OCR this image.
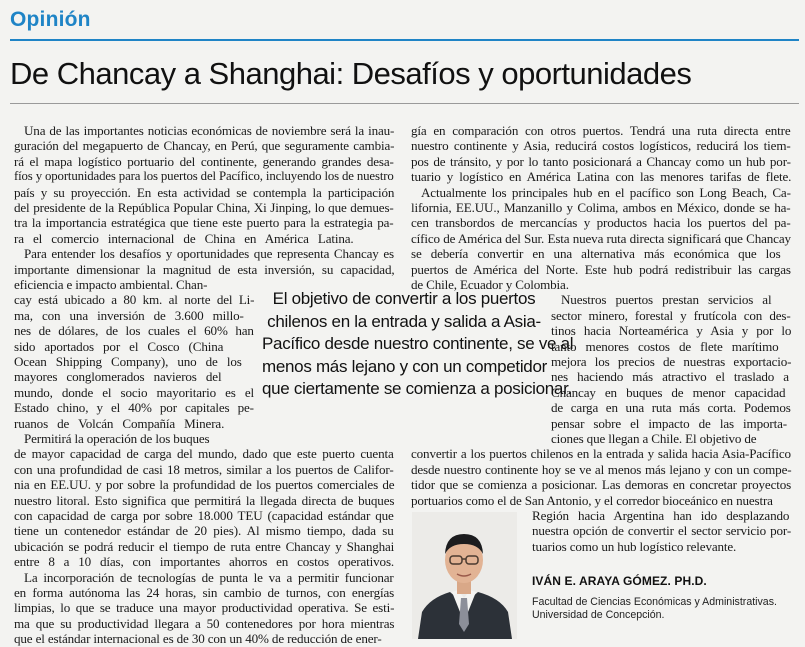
Opinión
De Chancay a Shanghai: Desafíos y oportunidades
Una de las importantes noticias económicas de noviembre será la inau-
guración del megapuerto de Chancay, en Perú, que seguramente cambia-
rá el mapa logístico portuario del continente, generando grandes desa-
fíos y oportunidades para los puertos del Pacífico, incluyendo los de nuestro
país y su proyección. En esta actividad se contempla la participación
del presidente de la República Popular China, Xi Jinping, lo que demues-
tra la importancia estratégica que tiene este puerto para la estrategia pa-
ra el comercio internacional de China en América Latina.
Para entender los desafíos y oportunidades que representa Chancay es
importante dimensionar la magnitud de esta inversión, su capacidad,
eficiencia e impacto ambiental. Chan-
cay está ubicado a 80 km. al norte del Li-
ma, con una inversión de 3.600 millo-
nes de dólares, de los cuales el 60% han
sido aportados por el Cosco (China
Ocean Shipping Company), uno de los
mayores conglomerados navieros del
mundo, donde el socio mayoritario es el
Estado chino, y el 40% por capitales pe-
ruanos de Volcán Compañía Minera.
Permitirá la operación de los buques
de mayor capacidad de carga del mundo, dado que este puerto cuenta
con una profundidad de casi 18 metros, similar a los puertos de Califor-
nia en EE.UU. y por sobre la profundidad de los puertos comerciales de
nuestro litoral. Esto significa que permitirá la llegada directa de buques
con capacidad de carga por sobre 18.000 TEU (capacidad estándar que
tiene un contenedor estándar de 20 pies). Al mismo tiempo, dada su
ubicación se podrá reducir el tiempo de ruta entre Chancay y Shanghai
entre 8 a 10 días, con importantes ahorros en costos operativos.
La incorporación de tecnologías de punta le va a permitir funcionar
en forma autónoma las 24 horas, sin cambio de turnos, con energías
limpias, lo que se traduce una mayor productividad operativa. Se esti-
ma que su productividad llegara a 50 contenedores por hora mientras
que el estándar internacional es de 30 con un 40% de reducción de ener-
gía en comparación con otros puertos. Tendrá una ruta directa entre
nuestro continente y Asia, reducirá costos logísticos, reducirá los tiem-
pos de tránsito, y por lo tanto posicionará a Chancay como un hub por-
tuario y logístico en América Latina con las menores tarifas de flete.
Actualmente los principales hub en el pacífico son Long Beach, Ca-
lifornia, EE.UU., Manzanillo y Colima, ambos en México, donde se ha-
cen transbordos de mercancías y productos hacia los puertos del pa-
cífico de América del Sur. Esta nueva ruta directa significará que Chancay
se debería convertir en una alternativa más económica que los
puertos de América del Norte. Este hub podrá redistribuir las cargas
de Chile, Ecuador y Colombia.
Nuestros puertos prestan servicios al
sector minero, forestal y frutícola con des-
tinos hacia Norteamérica y Asia y por lo
tanto menores costos de flete marítimo
mejora los precios de nuestras exportacio-
nes haciendo más atractivo el traslado a
Chancay en buques de menor capacidad
de carga en una ruta más corta. Podemos
pensar sobre el impacto de las importa-
ciones que llegan a Chile. El objetivo de
convertir a los puertos chilenos en la entrada y salida hacia Asia-Pacífico
desde nuestro continente hoy se ve al menos más lejano y con un compe-
tidor que se comienza a posicionar. Las demoras en concretar proyectos
portuarios como el de San Antonio, y el corredor bioceánico en nuestra
Región hacia Argentina han ido desplazando
nuestra opción de convertir el sector servicio por-
tuarios como un hub logístico relevante.
El objetivo de convertir a los puertos
chilenos en la entrada y salida a Asia-
Pacífico desde nuestro continente, se ve al
menos más lejano y con un competidor
que ciertamente se comienza a posicionar.
IVÁN E. ARAYA GÓMEZ. PH.D.
Facultad de Ciencias Económicas y Administrativas.
Universidad de Concepción.
